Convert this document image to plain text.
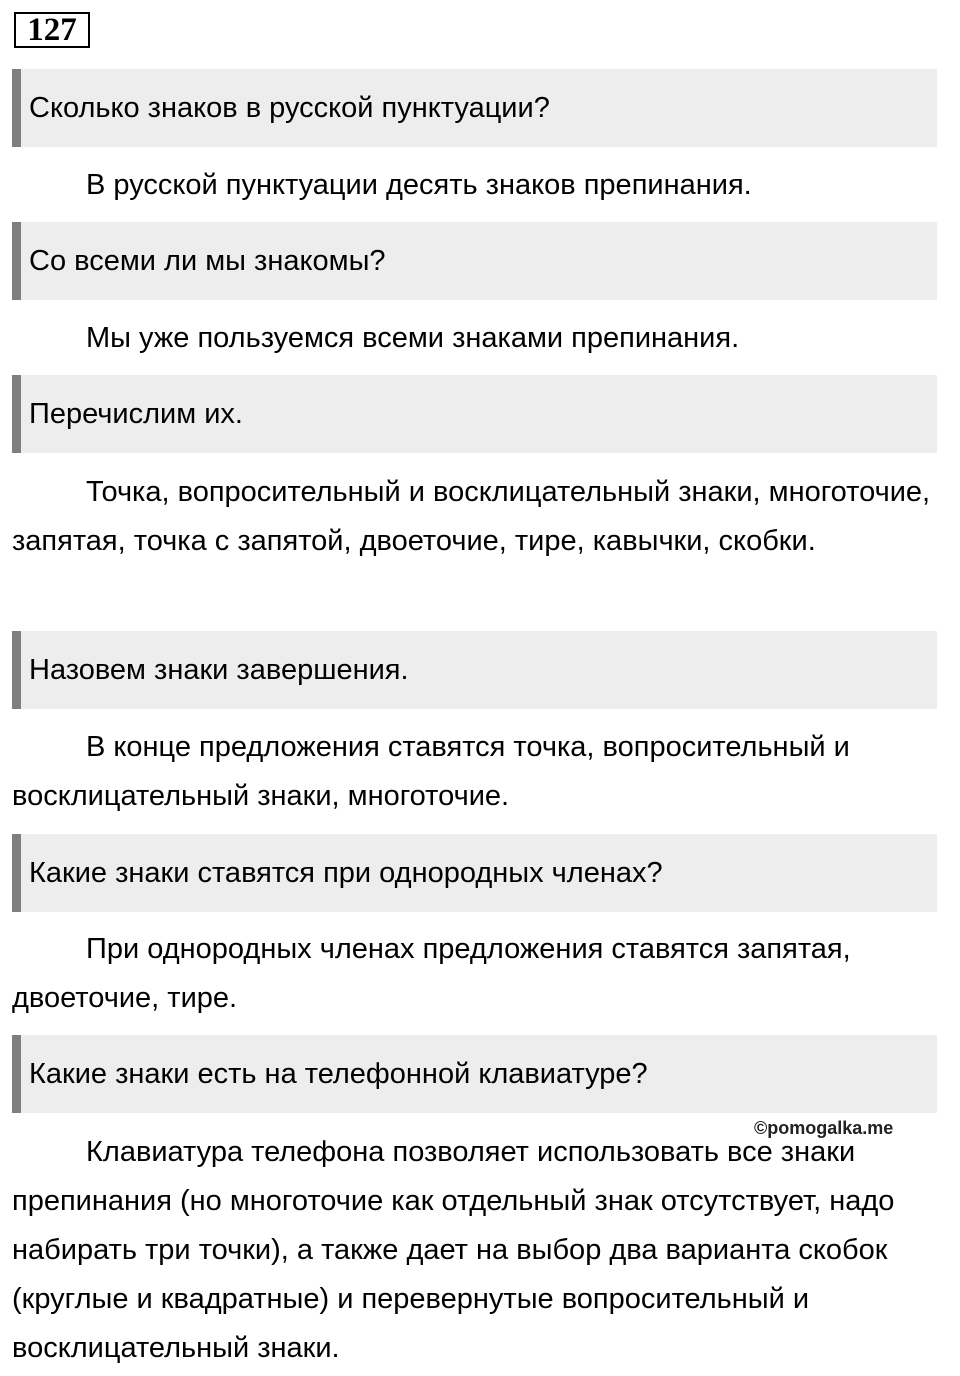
127
Сколько знаков в русской пунктуации?

В русской пунктуации десять знаков препинания.

Со всеми ли мы знакомы?

Мы уже пользуемся всеми знаками препинания.

Перечислим их.

Точка, вопросительный и восклицательный знаки, многоточие, запятая, точка с запятой, двоеточие, тире, кавычки, скобки.

Назовем знаки завершения.

В конце предложения ставятся точка, вопросительный и восклицательный знаки, многоточие.

Какие знаки ставятся при однородных членах?

При однородных членах предложения ставятся запятая, двоеточие, тире.

Какие знаки есть на телефонной клавиатуре?
©pomogalka.me

Клавиатура телефона позволяет использовать все знаки препинания (но многоточие как отдельный знак отсутствует, надо набирать три точки), а также дает на выбор два варианта скобок (круглые и квадратные) и перевернутые вопросительный и восклицательный знаки.
